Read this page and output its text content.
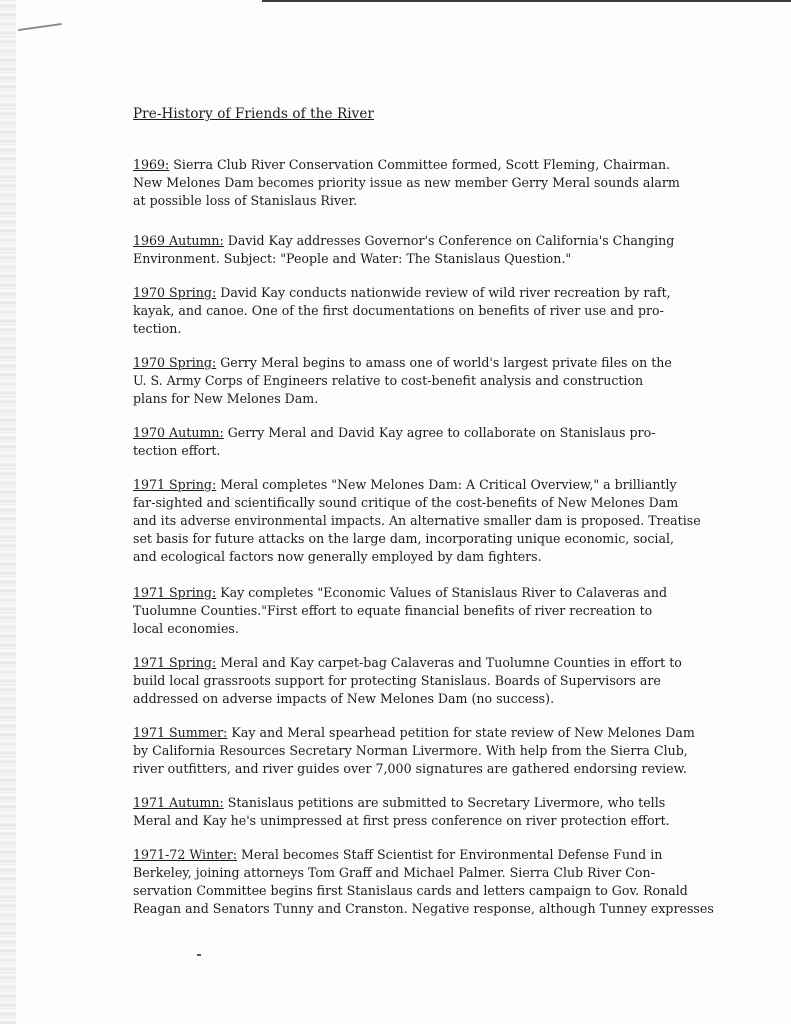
Pre-History of Friends of the River
1969: Sierra Club River Conservation Committee formed, Scott Fleming, Chairman.
New Melones Dam becomes priority issue as new member Gerry Meral sounds alarm
at possible loss of Stanislaus River.
1969 Autumn: David Kay addresses Governor's Conference on California's Changing
Environment. Subject: "People and Water: The Stanislaus Question."
1970 Spring: David Kay conducts nationwide review of wild river recreation by raft,
kayak, and canoe. One of the first documentations on benefits of river use and pro-
tection.
1970 Spring: Gerry Meral begins to amass one of world's largest private files on the
U. S. Army Corps of Engineers relative to cost-benefit analysis and construction
plans for New Melones Dam.
1970 Autumn: Gerry Meral and David Kay agree to collaborate on Stanislaus pro-
tection effort.
1971 Spring: Meral completes "New Melones Dam: A Critical Overview," a brilliantly
far-sighted and scientifically sound critique of the cost-benefits of New Melones Dam
and its adverse environmental impacts. An alternative smaller dam is proposed. Treatise
set basis for future attacks on the large dam, incorporating unique economic, social,
and ecological factors now generally employed by dam fighters.
1971 Spring: Kay completes "Economic Values of Stanislaus River to Calaveras and
Tuolumne Counties."First effort to equate financial benefits of river recreation to
local economies.
1971 Spring: Meral and Kay carpet-bag Calaveras and Tuolumne Counties in effort to
build local grassroots support for protecting Stanislaus. Boards of Supervisors are
addressed on adverse impacts of New Melones Dam (no success).
1971 Summer: Kay and Meral spearhead petition for state review of New Melones Dam
by California Resources Secretary Norman Livermore. With help from the Sierra Club,
river outfitters, and river guides over 7,000 signatures are gathered endorsing review.
1971 Autumn: Stanislaus petitions are submitted to Secretary Livermore, who tells
Meral and Kay he's unimpressed at first press conference on river protection effort.
1971-72 Winter: Meral becomes Staff Scientist for Environmental Defense Fund in
Berkeley, joining attorneys Tom Graff and Michael Palmer. Sierra Club River Con-
servation Committee begins first Stanislaus cards and letters campaign to Gov. Ronald
Reagan and Senators Tunny and Cranston. Negative response, although Tunney expresses
